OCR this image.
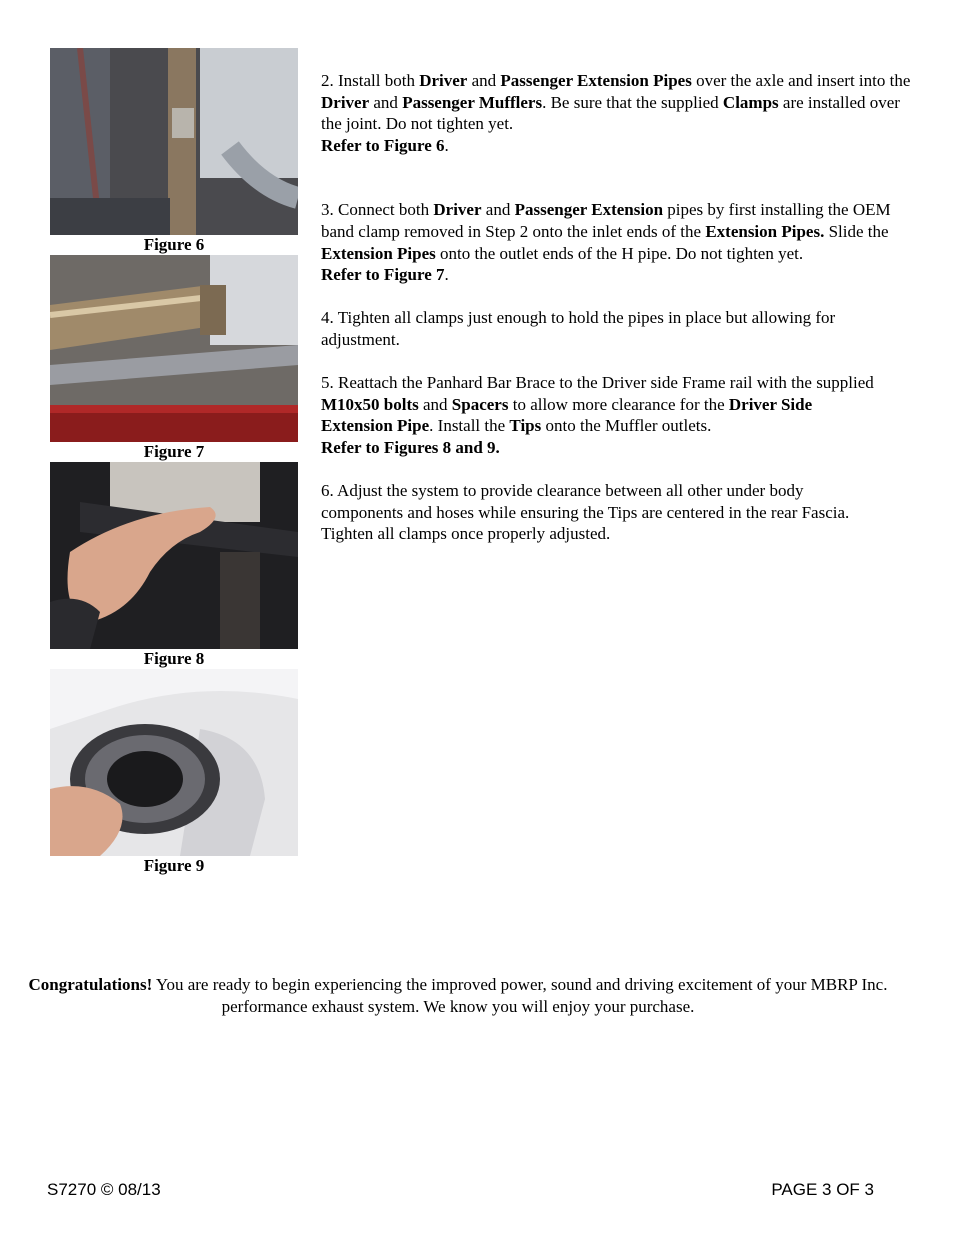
Figure 6
Figure 7
Figure 8
Figure 9

2. Install both Driver and Passenger Extension Pipes over the axle and insert into the Driver and Passenger Mufflers. Be sure that the supplied Clamps are installed over the joint. Do not tighten yet.
Refer to Figure 6.

3. Connect both Driver and Passenger Extension pipes by first installing the OEM band clamp removed in Step 2 onto the inlet ends of the Extension Pipes. Slide the Extension Pipes onto the outlet ends of the H pipe. Do not tighten yet.
Refer to Figure 7.

4. Tighten all clamps just enough to hold the pipes in place but allowing for adjustment.

5. Reattach the Panhard Bar Brace to the Driver side Frame rail with the supplied M10x50 bolts and Spacers to allow more clearance for the Driver Side Extension Pipe. Install the Tips onto the Muffler outlets.
Refer to Figures 8 and 9.

6. Adjust the system to provide clearance between all other under body components and hoses while ensuring the Tips are centered in the rear Fascia. Tighten all clamps once properly adjusted.

Congratulations! You are ready to begin experiencing the improved power, sound and driving excitement of your MBRP Inc. performance exhaust system. We know you will enjoy your purchase.
S7270 © 08/13	PAGE 3 OF 3
